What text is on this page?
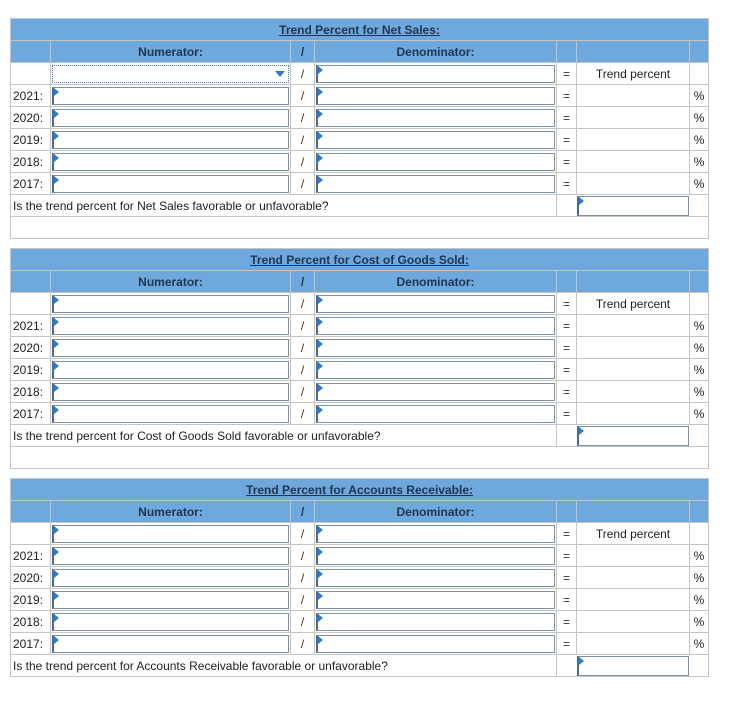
Trend Percent for Net Sales:						
	Numerator:	/	Denominator:			

	/		=	Trend percent	
2021:		/		=		%
2020:		/		=		%
2019:		/		=		%
2018:		/		=		%
2017:		/		=		%
Is the trend percent for Net Sales favorable or unfavorable?						

Trend Percent for Cost of Goods Sold:						
	Numerator:	/	Denominator:			

	/		=	Trend percent	
2021:		/		=		%
2020:		/		=		%
2019:		/		=		%
2018:		/		=		%
2017:		/		=		%
Is the trend percent for Cost of Goods Sold favorable or unfavorable?						

Trend Percent for Accounts Receivable:						
	Numerator:	/	Denominator:			

	/		=	Trend percent	
2021:		/		=		%
2020:		/		=		%
2019:		/		=		%
2018:		/		=		%
2017:		/		=		%
Is the trend percent for Accounts Receivable favorable or unfavorable?						
